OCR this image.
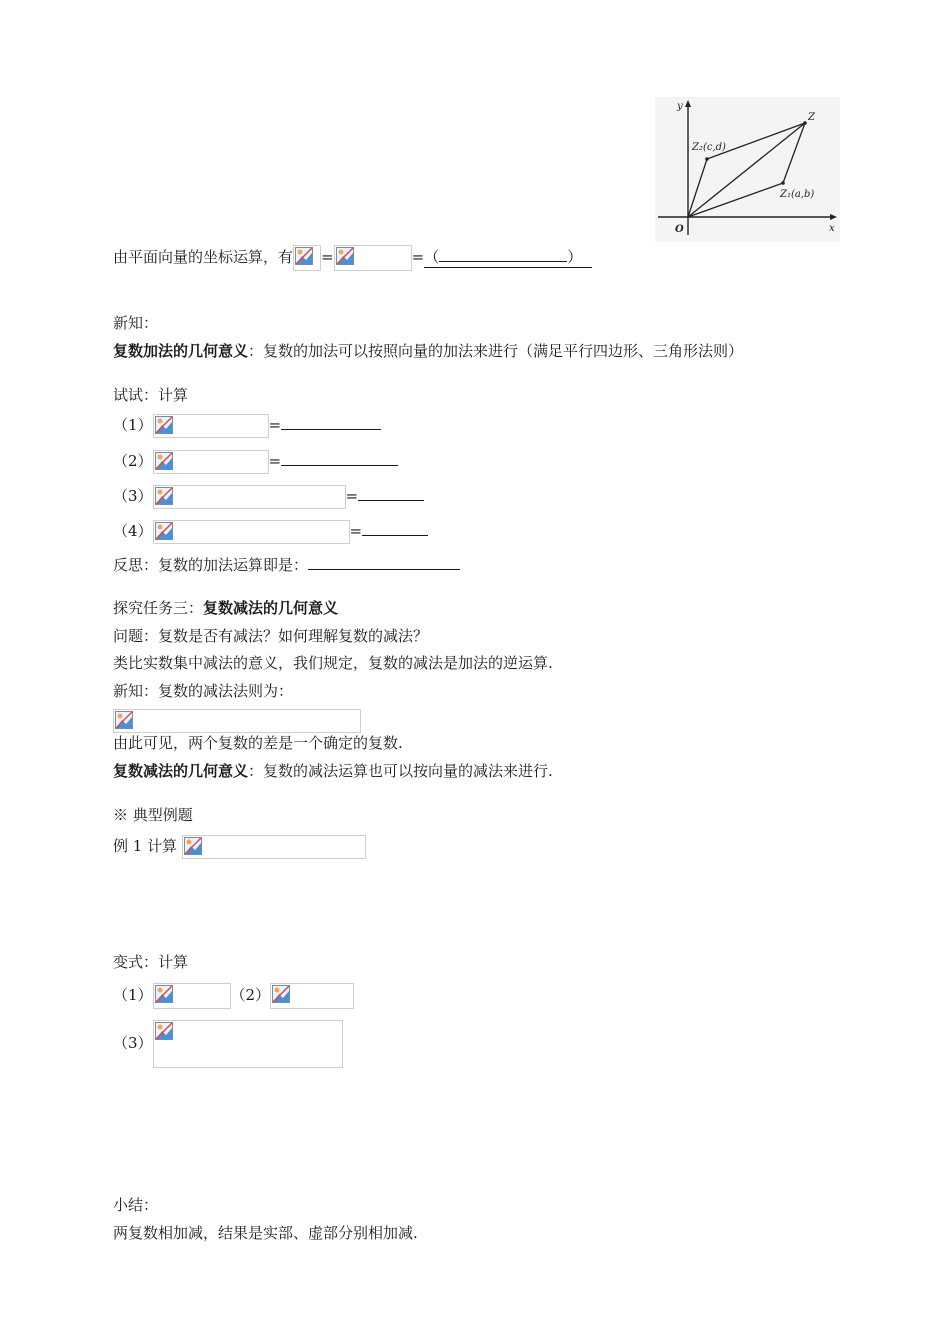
y
x
O
Z
Z₁(a,b)
Z₂(c,d)
由平面向量的坐标运算，有 =	=（	）
新知：
复数加法的几何意义：复数的加法可以按照向量的加法来进行（满足平行四边形、三角形法则）
试试：计算
（1）	=
（2）	=
（3）	=
（4）	=
反思：复数的加法运算即是：
探究任务三：复数减法的几何意义
问题：复数是否有减法？如何理解复数的减法？
类比实数集中减法的意义，我们规定，复数的减法是加法的逆运算.
新知：复数的减法法则为：
由此可见，两个复数的差是一个确定的复数.
复数减法的几何意义：复数的减法运算也可以按向量的减法来进行.
※ 典型例题
例 1 计算
变式：计算
（1）	（2）
（3）
小结：
两复数相加减，结果是实部、虚部分别相加减.
